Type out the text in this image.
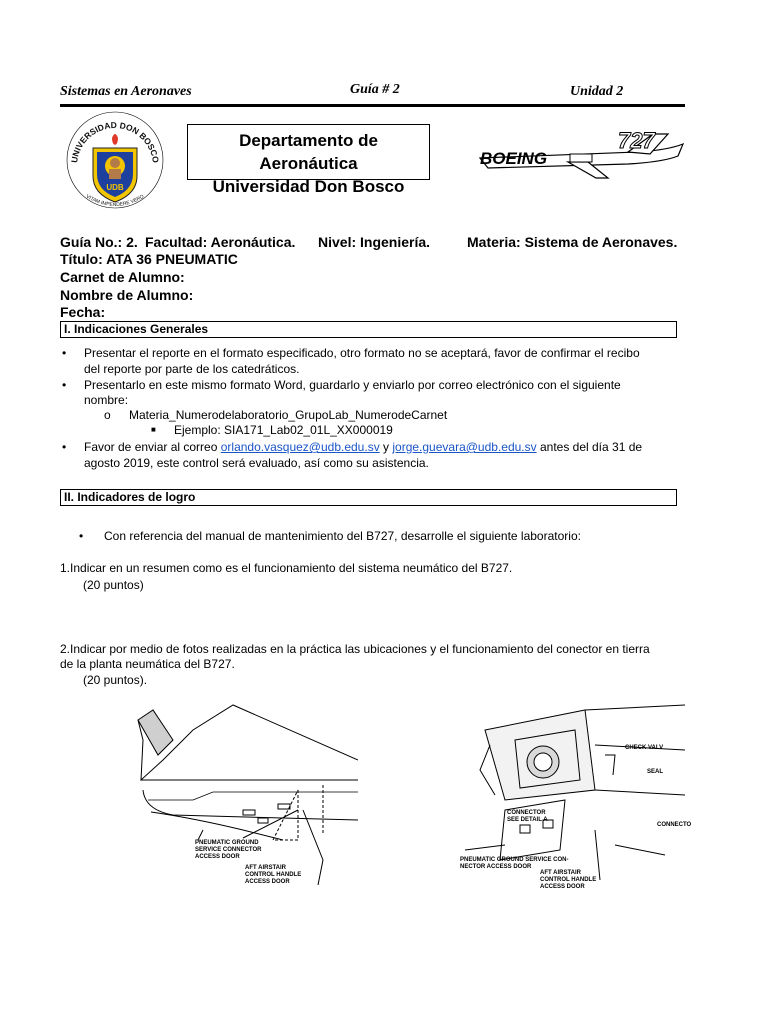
Sistemas en Aeronaves	Guía # 2	Unidad 2
UNIVERSIDAD DON BOSCO
UDB
VITAM IMPENDERE VERO
Departamento de Aeronáutica
Universidad Don Bosco
BOEING
727
Guía No.: 2. Facultad: Aeronáutica. Nivel: Ingeniería.	Materia: Sistema de Aeronaves.
Título: ATA 36 PNEUMATIC
Carnet de Alumno:
Nombre de Alumno:
Fecha:
I. Indicaciones Generales
• Presentar el reporte en el formato especificado, otro formato no se aceptará, favor de confirmar el recibo
del reporte por parte de los catedráticos.
• Presentarlo en este mismo formato Word, guardarlo y enviarlo por correo electrónico con el siguiente
nombre:
o Materia_Numerodelaboratorio_GrupoLab_NumerodeCarnet
■ Ejemplo: SIA171_Lab02_01L_XX000019
• Favor de enviar al correo orlando.vasquez@udb.edu.sv y jorge.guevara@udb.edu.sv antes del día 31 de
agosto 2019, este control será evaluado, así como su asistencia.
II. Indicadores de logro
• Con referencia del manual de mantenimiento del B727, desarrolle el siguiente laboratorio:
1.Indicar en un resumen como es el funcionamiento del sistema neumático del B727.
(20 puntos)
2.Indicar por medio de fotos realizadas en la práctica las ubicaciones y el funcionamiento del conector en tierra
de la planta neumática del B727.
(20 puntos).
PNEUMATIC GROUND
SERVICE CONNECTOR
ACCESS DOOR
AFT AIRSTAIR
CONTROL HANDLE
ACCESS DOOR
CHECK VALV
SEAL
CONNECTOR
SEE DETAIL A
CONNECTO
PNEUMATIC GROUND SERVICE CON-
NECTOR ACCESS DOOR
AFT AIRSTAIR
CONTROL HANDLE
ACCESS DOOR
